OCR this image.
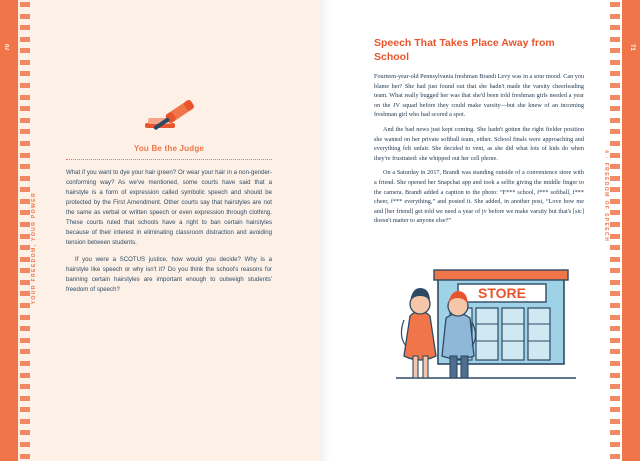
70
YOUR FREEDOM, YOUR POWER
You Be the Judge

What if you want to dye your hair green? Or wear your hair in a non-gender-conforming way? As we've mentioned, some courts have said that a hairstyle is a form of expression called symbolic speech and should be protected by the First Amendment. Other courts say that hairstyles are not the same as verbal or written speech or even expression through clothing. These courts ruled that schools have a right to ban certain hairstyles because of their interest in eliminating classroom distraction and avoiding tension between students.

If you were a SCOTUS justice, how would you decide? Why is a hairstyle like speech or why isn't it? Do you think the school's reasons for banning certain hairstyles are important enough to outweigh students' freedom of speech?

71
4 · FREEDOM OF SPEECH
Speech That Takes Place Away from School

Fourteen-year-old Pennsylvania freshman Brandi Levy was in a sour mood. Can you blame her? She had just found out that she hadn't made the varsity cheerleading team. What really bugged her was that she'd been told freshman girls needed a year on the JV squad before they could make varsity—but she knew of an incoming freshman girl who had scored a spot.

And the bad news just kept coming. She hadn't gotten the right fielder position she wanted on her private softball team, either. School finals were approaching and everything felt unfair. She decided to vent, as she did what lots of kids do when they're frustrated: she whipped out her cell phone.

On a Saturday in 2017, Brandi was standing outside of a convenience store with a friend. She opened her Snapchat app and took a selfie giving the middle finger to the camera. Brandi added a caption to the photo: “F*** school, f*** softball, f*** cheer, f*** everything,” and posted it. She added, in another post, “Love how me and [her friend] get told we need a year of jv before we make varsity but that's [sic] doesn't matter to anyone else?”

STORE
